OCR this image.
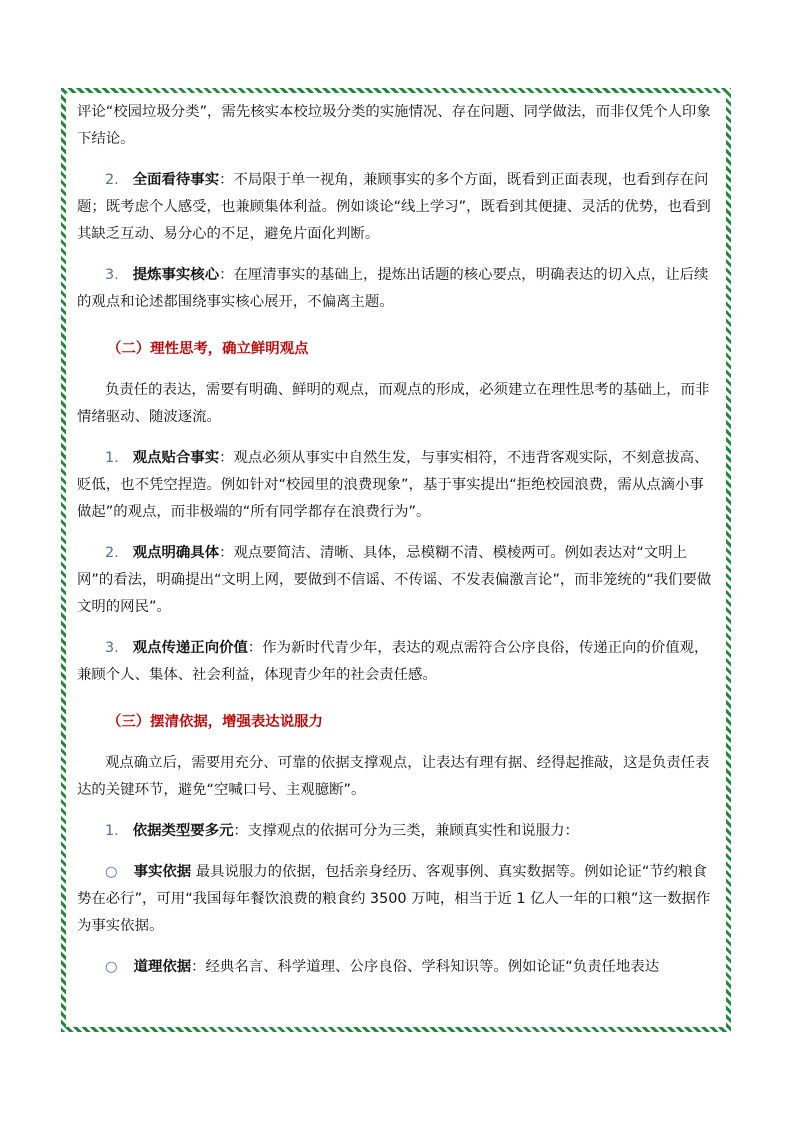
评论“校园垃圾分类”，需先核实本校垃圾分类的实施情况、存在问题、同学做法，而非仅凭个人印象下结论。

2. 全面看待事实：不局限于单一视角，兼顾事实的多个方面，既看到正面表现，也看到存在问题；既考虑个人感受，也兼顾集体利益。例如谈论“线上学习”，既看到其便捷、灵活的优势，也看到其缺乏互动、易分心的不足，避免片面化判断。

3. 提炼事实核心：在厘清事实的基础上，提炼出话题的核心要点，明确表达的切入点，让后续的观点和论述都围绕事实核心展开，不偏离主题。

（二）理性思考，确立鲜明观点

负责任的表达，需要有明确、鲜明的观点，而观点的形成，必须建立在理性思考的基础上，而非情绪驱动、随波逐流。

1. 观点贴合事实：观点必须从事实中自然生发，与事实相符，不违背客观实际，不刻意拔高、贬低，也不凭空捏造。例如针对“校园里的浪费现象”，基于事实提出“拒绝校园浪费，需从点滴小事做起”的观点，而非极端的“所有同学都存在浪费行为”。

2. 观点明确具体：观点要简洁、清晰、具体，忌模糊不清、模棱两可。例如表达对“文明上网”的看法，明确提出“文明上网，要做到不信谣、不传谣、不发表偏激言论”，而非笼统的“我们要做文明的网民”。

3. 观点传递正向价值：作为新时代青少年，表达的观点需符合公序良俗，传递正向的价值观，兼顾个人、集体、社会利益，体现青少年的社会责任感。

（三）摆清依据，增强表达说服力

观点确立后，需要用充分、可靠的依据支撑观点，让表达有理有据、经得起推敲，这是负责任表达的关键环节，避免“空喊口号、主观臆断”。

1. 依据类型要多元：支撑观点的依据可分为三类，兼顾真实性和说服力：

○ 事实依据 最具说服力的依据，包括亲身经历、客观事例、真实数据等。例如论证“节约粮食势在必行”，可用“我国每年餐饮浪费的粮食约 3500 万吨，相当于近 1 亿人一年的口粮”这一数据作为事实依据。

○ 道理依据：经典名言、科学道理、公序良俗、学科知识等。例如论证“负责任地表达
